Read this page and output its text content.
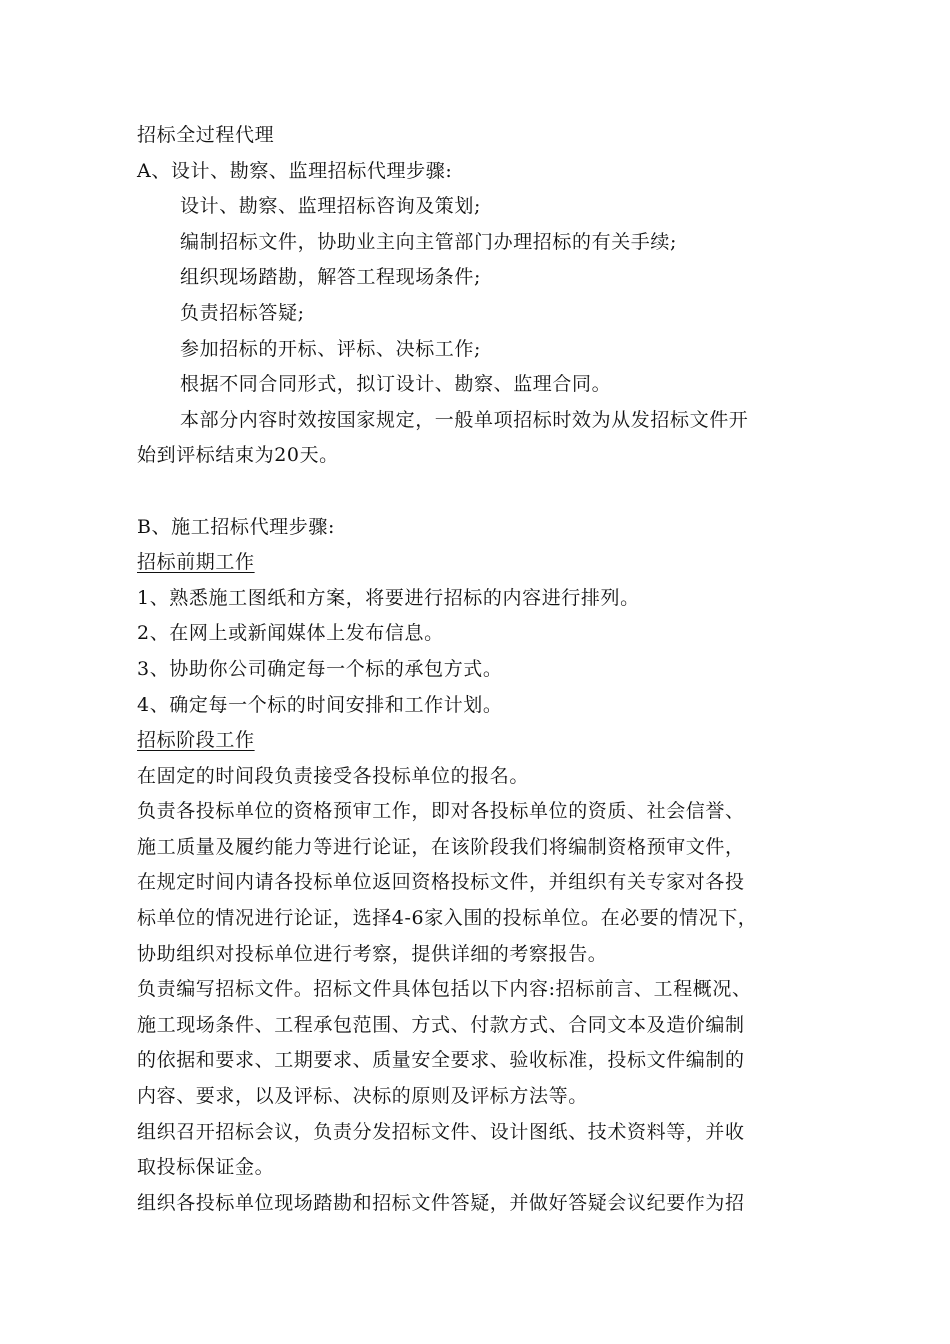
招标全过程代理
A、设计、勘察、监理招标代理步骤:
设计、勘察、监理招标咨询及策划;
编制招标文件，协助业主向主管部门办理招标的有关手续;
组织现场踏勘，解答工程现场条件;
负责招标答疑;
参加招标的开标、评标、决标工作;
根据不同合同形式，拟订设计、勘察、监理合同。
本部分内容时效按国家规定，一般单项招标时效为从发招标文件开
始到评标结束为20天。
B、施工招标代理步骤:
招标前期工作
1、熟悉施工图纸和方案，将要进行招标的内容进行排列。
2、在网上或新闻媒体上发布信息。
3、协助你公司确定每一个标的承包方式。
4、确定每一个标的时间安排和工作计划。
招标阶段工作
在固定的时间段负责接受各投标单位的报名。
负责各投标单位的资格预审工作，即对各投标单位的资质、社会信誉、
施工质量及履约能力等进行论证，在该阶段我们将编制资格预审文件，
在规定时间内请各投标单位返回资格投标文件，并组织有关专家对各投
标单位的情况进行论证，选择4-6家入围的投标单位。在必要的情况下，
协助组织对投标单位进行考察，提供详细的考察报告。
负责编写招标文件。招标文件具体包括以下内容:招标前言、工程概况、
施工现场条件、工程承包范围、方式、付款方式、合同文本及造价编制
的依据和要求、工期要求、质量安全要求、验收标准，投标文件编制的
内容、要求，以及评标、决标的原则及评标方法等。
组织召开招标会议，负责分发招标文件、设计图纸、技术资料等，并收
取投标保证金。
组织各投标单位现场踏勘和招标文件答疑，并做好答疑会议纪要作为招
